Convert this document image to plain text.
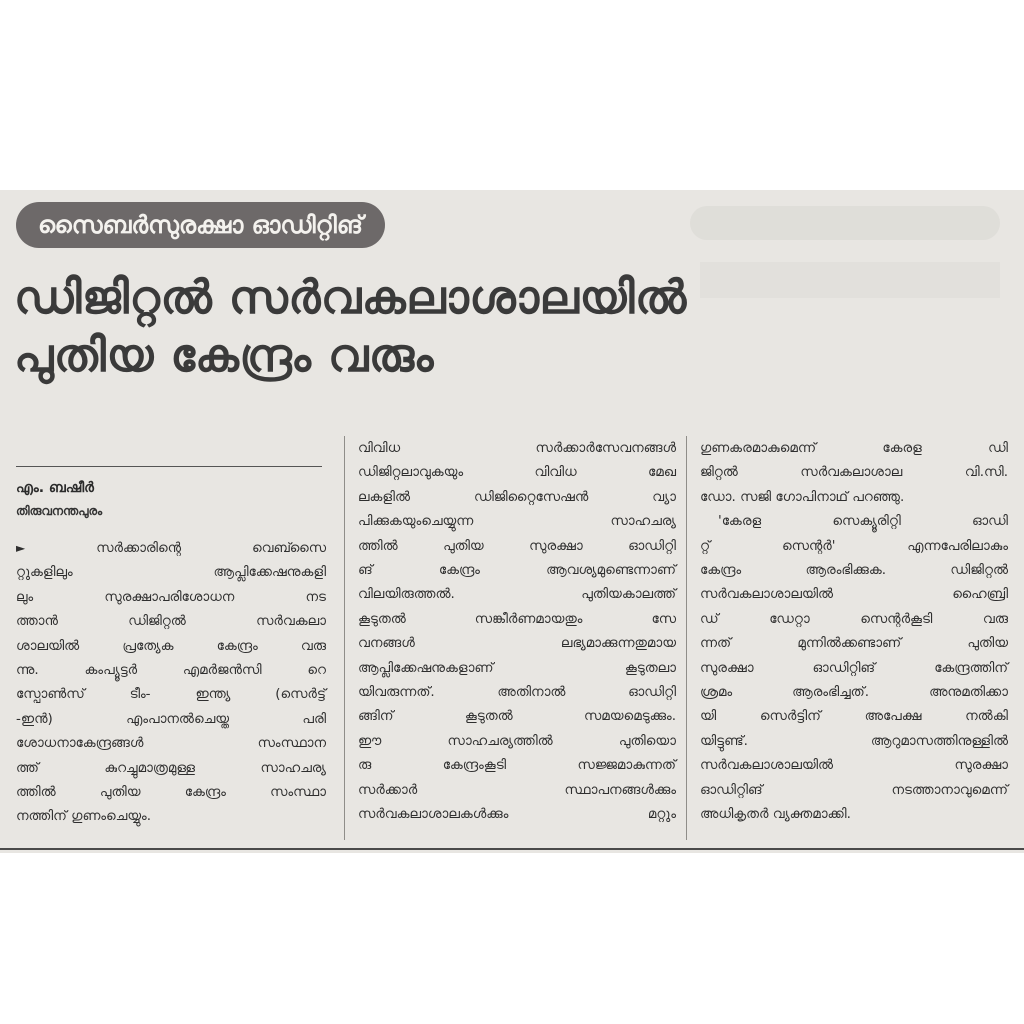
സൈബർസുരക്ഷാ ഓഡിറ്റിങ്
ഡിജിറ്റൽ സർവകലാശാലയിൽ
പുതിയ കേന്ദ്രം വരും
എം. ബഷീർ
തിരുവനന്തപുരം

►	സർക്കാരിന്റെ വെബ്സൈ

റ്റുകളിലും ആപ്ലിക്കേഷനുകളി

ലും സുരക്ഷാപരിശോധന നട

ത്താൻ ഡിജിറ്റൽ സർവകലാ

ശാലയിൽ പ്രത്യേക കേന്ദ്രം വരു

ന്നു. കംപ്യൂട്ടർ എമർജൻസി റെ

സ്പോൺസ് ടീം- ഇന്ത്യ (സെർട്ട്

-ഇൻ) എംപാനൽചെയ്ത പരി

ശോധനാകേന്ദ്രങ്ങൾ സംസ്ഥാന

ത്ത് കുറച്ചുമാത്രമുള്ള സാഹചര്യ

ത്തിൽ പുതിയ കേന്ദ്രം സംസ്ഥാ

നത്തിന് ഗുണംചെയ്യും.

വിവിധ സർക്കാർസേവനങ്ങൾ

ഡിജിറ്റലാവുകയും വിവിധ മേഖ

ലകളിൽ ഡിജിറ്റൈസേഷൻ വ്യാ

പിക്കുകയുംചെയ്യുന്ന സാഹചര്യ

ത്തിൽ പുതിയ സുരക്ഷാ ഓഡിറ്റി

ങ് കേന്ദ്രം ആവശ്യമുണ്ടെന്നാണ്

വിലയിരുത്തൽ. പുതിയകാലത്ത്

കൂടുതൽ സങ്കീർണമായതും സേ

വനങ്ങൾ ലഭ്യമാക്കുന്നതുമായ

ആപ്ലിക്കേഷനുകളാണ് കൂടുതലാ

യിവരുന്നത്. അതിനാൽ ഓഡിറ്റി

ങ്ങിന് കൂടുതൽ സമയമെടുക്കും.

ഈ സാഹചര്യത്തിൽ പുതിയൊ

രു കേന്ദ്രംകൂടി സജ്ജമാകുന്നത്

സർക്കാർ സ്ഥാപനങ്ങൾക്കും

സർവകലാശാലകൾക്കും മറ്റും

ഗുണകരമാകുമെന്ന് കേരള ഡി

ജിറ്റൽ സർവകലാശാല വി.സി.

ഡോ. സജി ഗോപിനാഥ് പറഞ്ഞു.

'കേരള സെക്യൂരിറ്റി ഓഡി

റ്റ് സെന്റർ' എന്നപേരിലാകും

കേന്ദ്രം ആരംഭിക്കുക. ഡിജിറ്റൽ

സർവകലാശാലയിൽ ഹൈബ്രി

ഡ് ഡേറ്റാ സെന്റർകൂടി വരു

ന്നത് മുന്നിൽക്കണ്ടാണ് പുതിയ

സുരക്ഷാ ഓഡിറ്റിങ് കേന്ദ്രത്തിന്

ശ്രമം ആരംഭിച്ചത്. അനുമതിക്കാ

യി സെർട്ടിന് അപേക്ഷ നൽകി

യിട്ടുണ്ട്. ആറുമാസത്തിനുള്ളിൽ

സർവകലാശാലയിൽ സുരക്ഷാ

ഓഡിറ്റിങ് നടത്താനാവുമെന്ന്

അധികൃതർ വ്യക്തമാക്കി.
